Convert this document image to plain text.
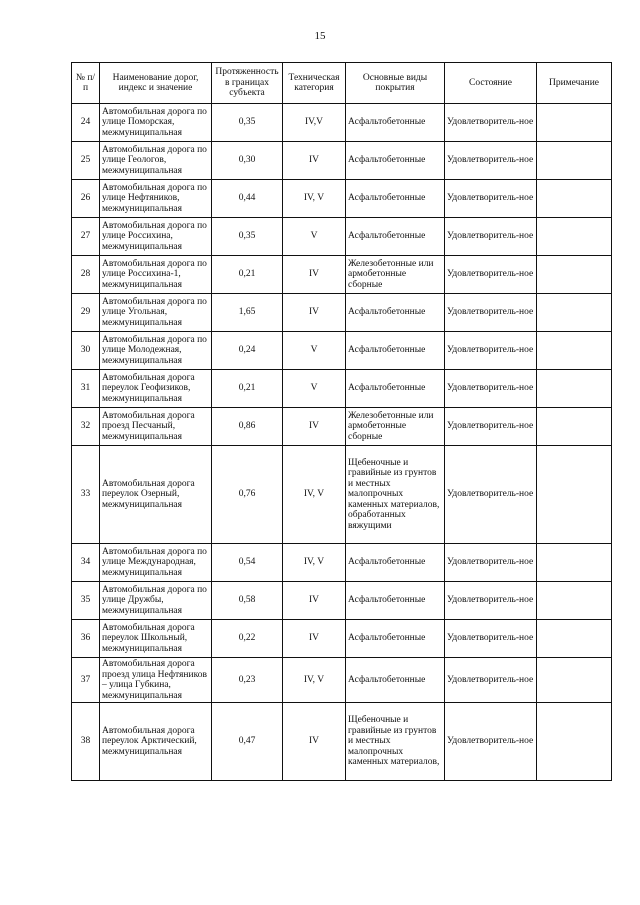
15
№ п/п	Наименование дорог, индекс и значение	Протяженность в границах субъекта	Техническая категория	Основные виды покрытия	Состояние	Примечание
24	Автомобильная дорога по улице Поморская, межмуниципальная	0,35	IV,V	Асфальтобетонные	Удовлетворитель-ное	
25	Автомобильная дорога по улице Геологов, межмуниципальная	0,30	IV	Асфальтобетонные	Удовлетворитель-ное	
26	Автомобильная дорога по улице Нефтяников, межмуниципальная	0,44	IV, V	Асфальтобетонные	Удовлетворитель-ное	
27	Автомобильная дорога по улице Россихина, межмуниципальная	0,35	V	Асфальтобетонные	Удовлетворитель-ное	
28	Автомобильная дорога по улице Россихина-1, межмуниципальная	0,21	IV	Железобетонные или армобетонные сборные	Удовлетворитель-ное	
29	Автомобильная дорога по улице Угольная, межмуниципальная	1,65	IV	Асфальтобетонные	Удовлетворитель-ное	
30	Автомобильная дорога по улице Молодежная, межмуниципальная	0,24	V	Асфальтобетонные	Удовлетворитель-ное	
31	Автомобильная дорога переулок Геофизиков, межмуниципальная	0,21	V	Асфальтобетонные	Удовлетворитель-ное	
32	Автомобильная дорога проезд Песчаный, межмуниципальная	0,86	IV	Железобетонные или армобетонные сборные	Удовлетворитель-ное	
33	Автомобильная дорога переулок Озерный, межмуниципальная	0,76	IV, V	Щебеночные и гравийные из грунтов и местных малопрочных каменных материалов, обработанных вяжущими	Удовлетворитель-ное	
34	Автомобильная дорога по улице Международная, межмуниципальная	0,54	IV, V	Асфальтобетонные	Удовлетворитель-ное	
35	Автомобильная дорога по улице Дружбы, межмуниципальная	0,58	IV	Асфальтобетонные	Удовлетворитель-ное	
36	Автомобильная дорога переулок Школьный, межмуниципальная	0,22	IV	Асфальтобетонные	Удовлетворитель-ное	
37	Автомобильная дорога проезд улица Нефтяников – улица Губкина, межмуниципальная	0,23	IV, V	Асфальтобетонные	Удовлетворитель-ное	
38	Автомобильная дорога переулок Арктический, межмуниципальная	0,47	IV	Щебеночные и гравийные из грунтов и местных малопрочных каменных материалов,	Удовлетворитель-ное	
